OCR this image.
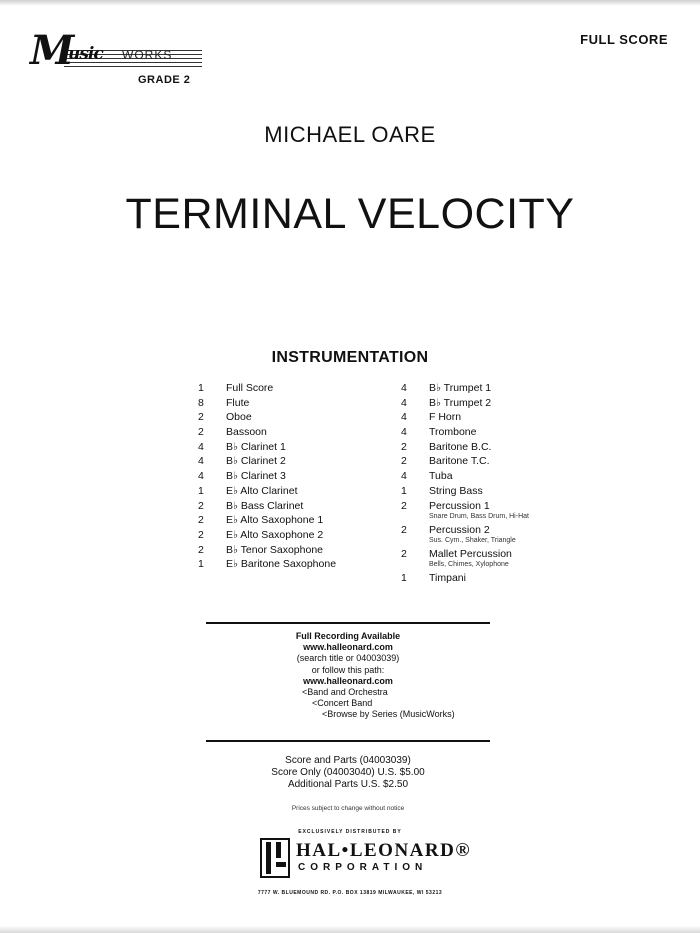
M
usic WORKS
GRADE 2
FULL SCORE
MICHAEL OARE
TERMINAL VELOCITY
INSTRUMENTATION
1	Full Score
8	Flute
2	Oboe
2	Bassoon
4	B♭ Clarinet 1
4	B♭ Clarinet 2
4	B♭ Clarinet 3
1	E♭ Alto Clarinet
2	B♭ Bass Clarinet
2	E♭ Alto Saxophone 1
2	E♭ Alto Saxophone 2
2	B♭ Tenor Saxophone
1	E♭ Baritone Saxophone
4	B♭ Trumpet 1
4	B♭ Trumpet 2
4	F Horn
4	Trombone
2	Baritone B.C.
2	Baritone T.C.
4	Tuba
1	String Bass
2	Percussion 1
Snare Drum, Bass Drum, Hi-Hat
2	Percussion 2
Sus. Cym., Shaker, Triangle
2	Mallet Percussion
Bells, Chimes, Xylophone
1	Timpani
Full Recording Available
www.halleonard.com
(search title or 04003039)
or follow this path:
www.halleonard.com
<Band and Orchestra
<Concert Band
<Browse by Series (MusicWorks)
Score and Parts (04003039)
Score Only (04003040) U.S. $5.00
Additional Parts U.S. $2.50
Prices subject to change without notice
EXCLUSIVELY DISTRIBUTED BY
HAL•LEONARD®
CORPORATION
7777 W. BLUEMOUND RD. P.O. BOX 13819 MILWAUKEE, WI 53213
